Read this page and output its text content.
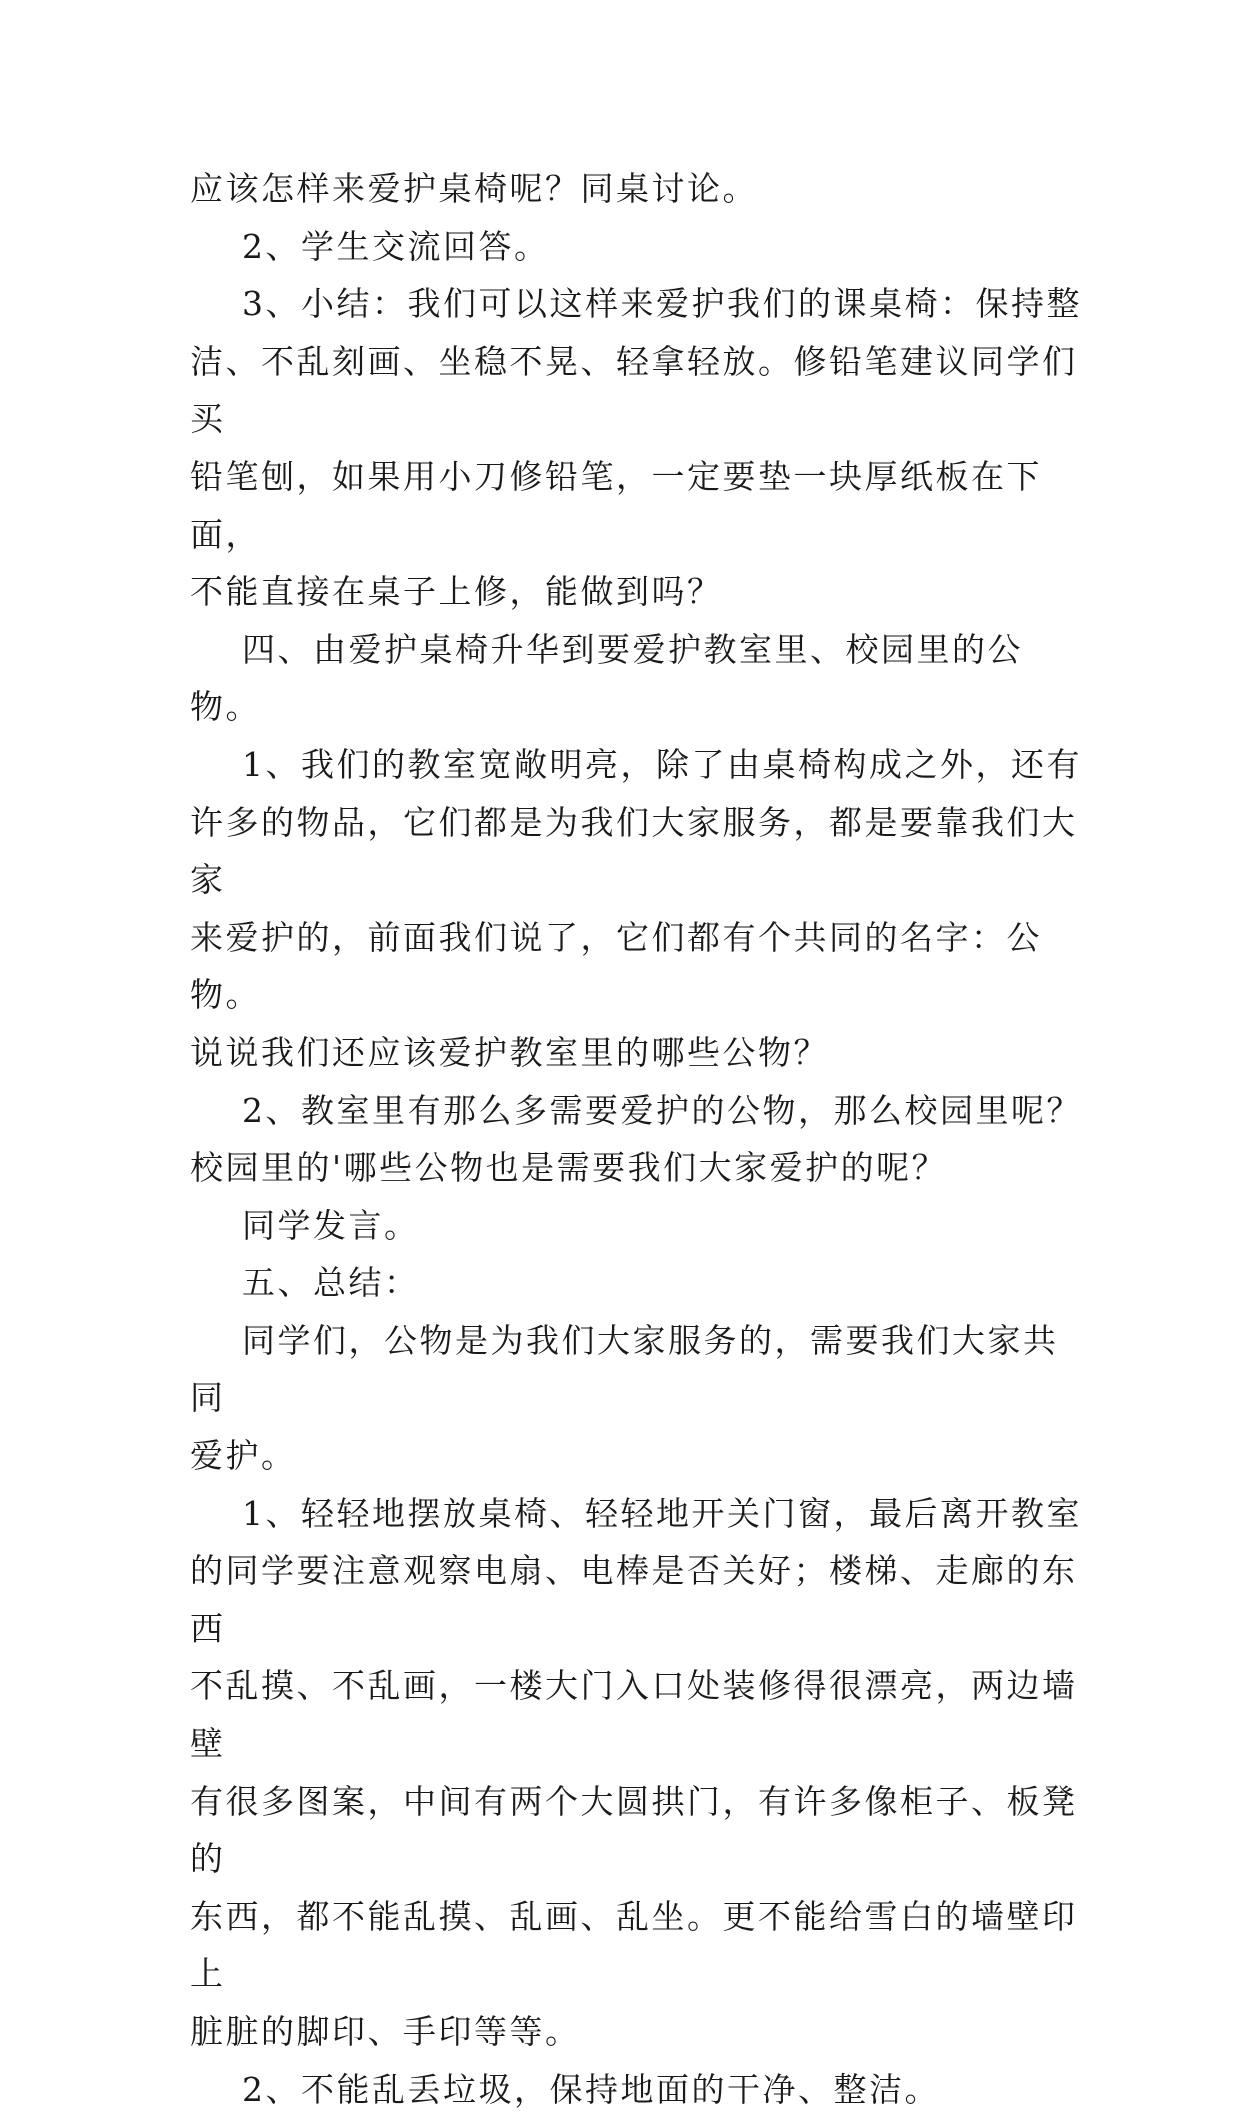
应该怎样来爱护桌椅呢？同桌讨论。

2、学生交流回答。

3、小结：我们可以这样来爱护我们的课桌椅：保持整
洁、不乱刻画、坐稳不晃、轻拿轻放。修铅笔建议同学们买
铅笔刨，如果用小刀修铅笔，一定要垫一块厚纸板在下面，
不能直接在桌子上修，能做到吗？

四、由爱护桌椅升华到要爱护教室里、校园里的公物。

1、我们的教室宽敞明亮，除了由桌椅构成之外，还有
许多的物品，它们都是为我们大家服务，都是要靠我们大家
来爱护的，前面我们说了，它们都有个共同的名字：公物。
说说我们还应该爱护教室里的哪些公物？

2、教室里有那么多需要爱护的公物，那么校园里呢？
校园里的'哪些公物也是需要我们大家爱护的呢？

同学发言。

五、总结：

同学们，公物是为我们大家服务的，需要我们大家共同
爱护。

1、轻轻地摆放桌椅、轻轻地开关门窗，最后离开教室
的同学要注意观察电扇、电棒是否关好；楼梯、走廊的东西
不乱摸、不乱画，一楼大门入口处装修得很漂亮，两边墙壁
有很多图案，中间有两个大圆拱门，有许多像柜子、板凳的
东西，都不能乱摸、乱画、乱坐。更不能给雪白的墙壁印上
脏脏的脚印、手印等等。

2、不能乱丢垃圾，保持地面的干净、整洁。
